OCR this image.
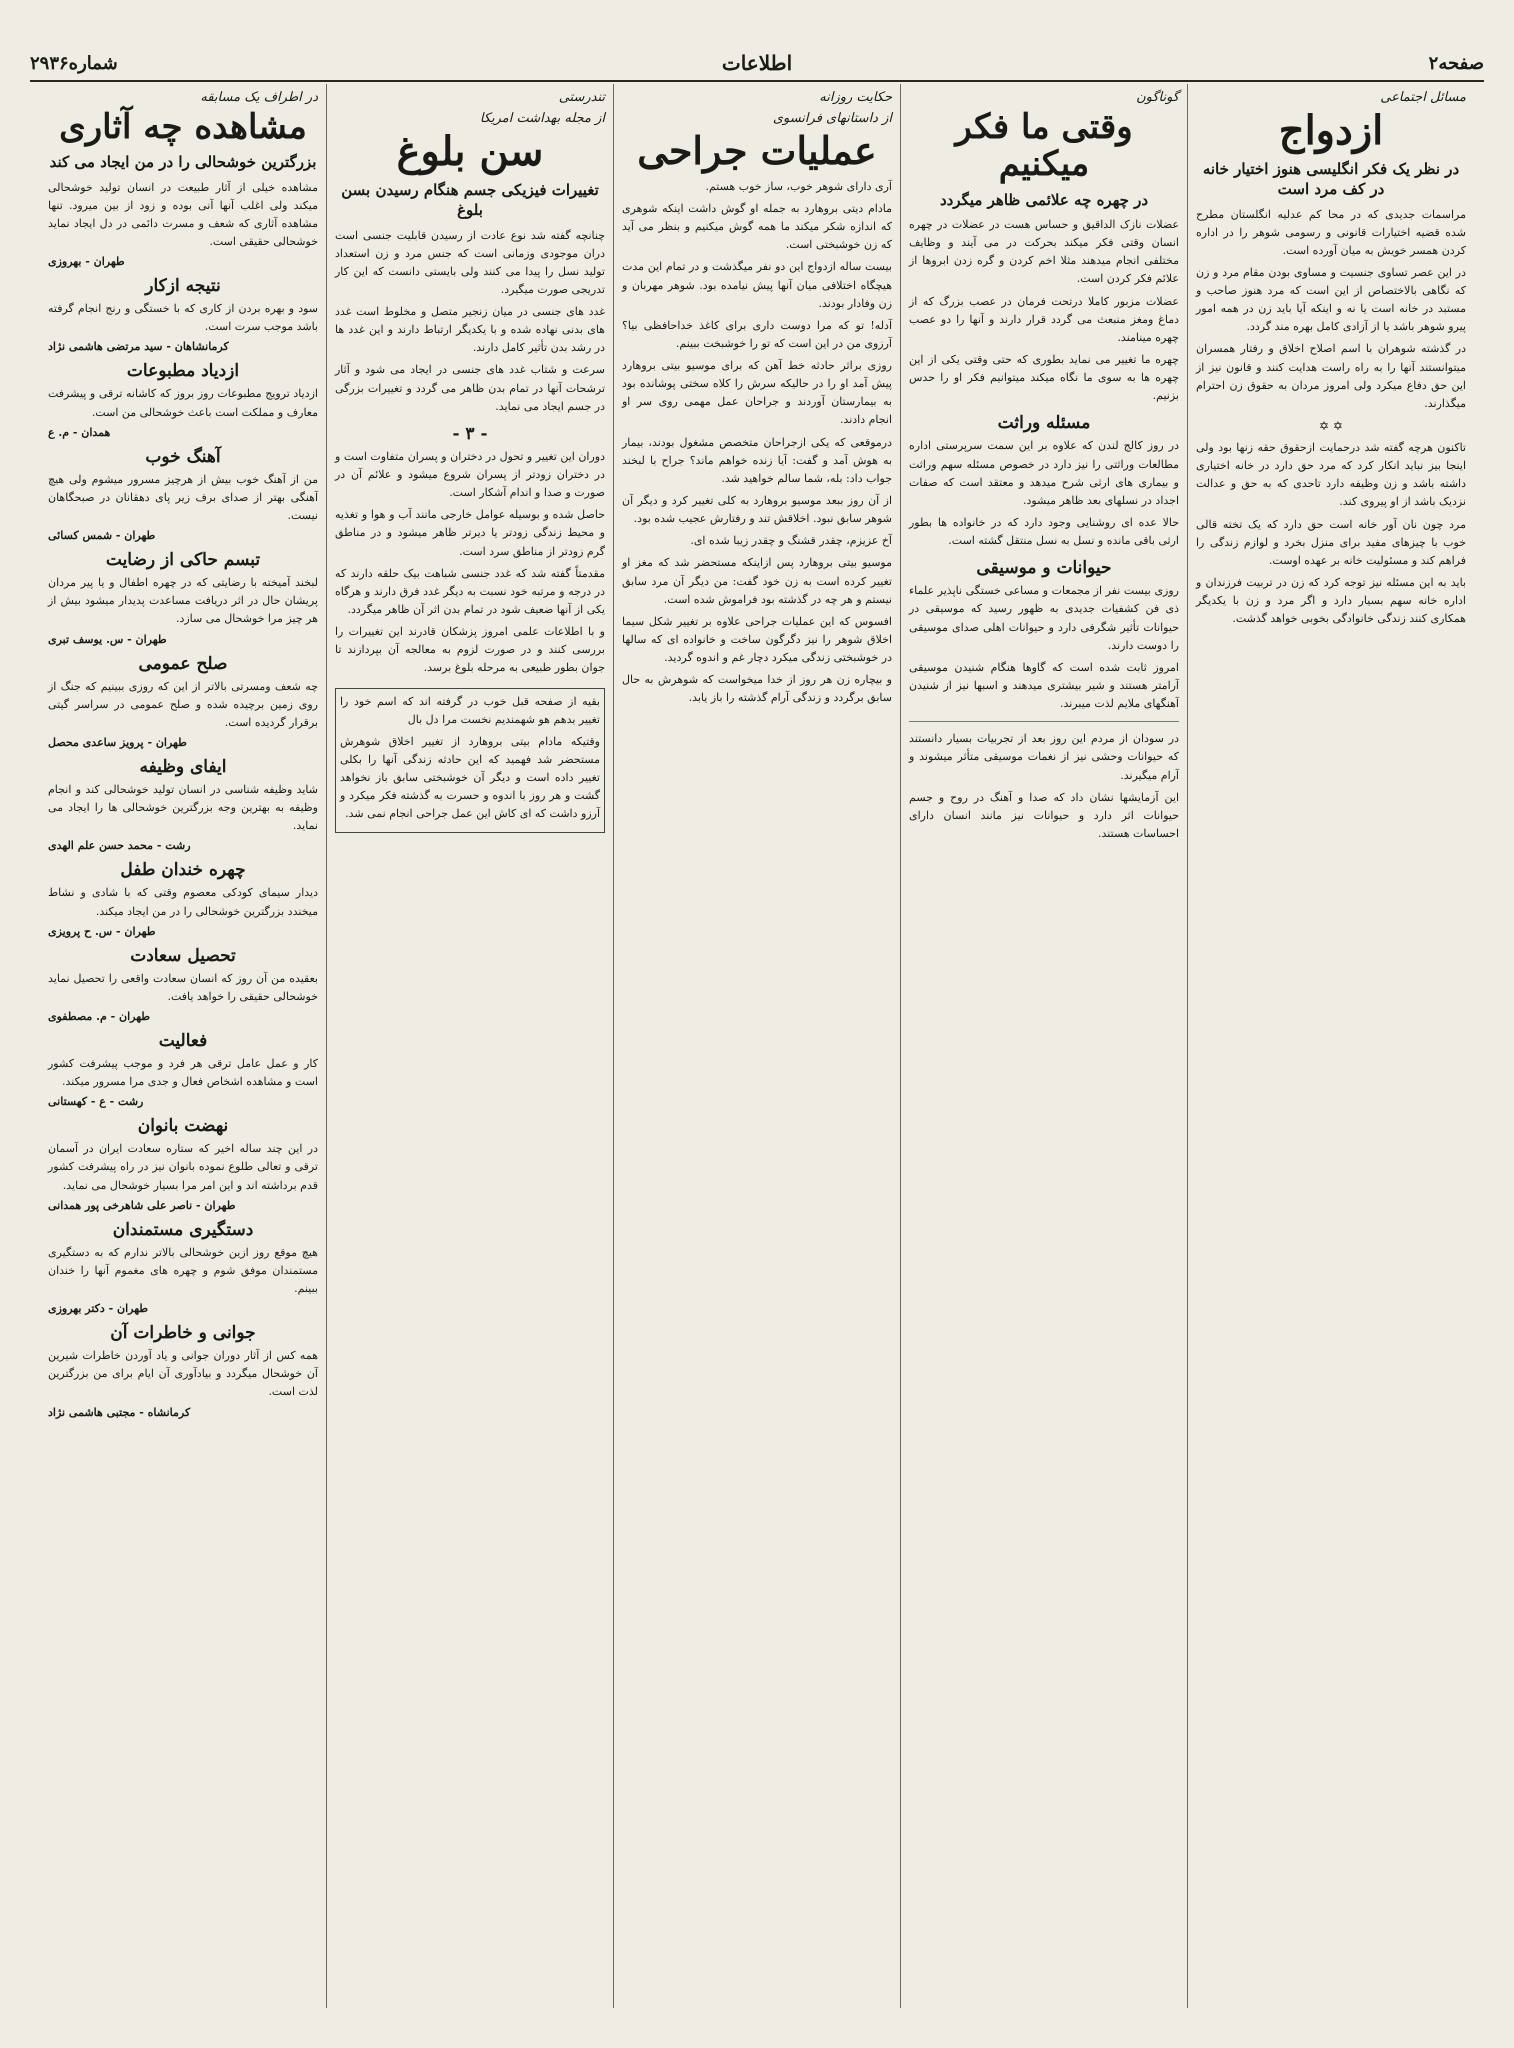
صفحه۲
اطلاعات
شماره۲۹۳۶
مسائل اجتماعی
ازدواج
در نظر یک فکر انگلیسی هنوز اختیار خانه در کف مرد است

مراسمات جدیدی که در محا کم عدلیه انگلستان مطرح شده قضیه اختیارات قانونی و رسومی شوهر را در اداره کردن همسر خویش به میان آورده است.

در این عصر تساوی جنسیت و مساوی بودن مقام مرد و زن که نگاهی بالاختصاص از این است که مرد هنوز صاحب و مستبد در خانه است یا نه و اینکه آیا باید زن در همه امور پیرو شوهر باشد یا از آزادی کامل بهره مند گردد.

در گذشته شوهران با اسم اصلاح اخلاق و رفتار همسران میتوانستند آنها را به راه راست هدایت کنند و قانون نیز از این حق دفاع میکرد ولی امروز مردان به حقوق زن احترام میگذارند.

✡ ✡

تاکنون هرچه گفته شد درحمایت ازحقوق حقه زنها بود ولی اینجا بیز نباید انکار کرد که مرد حق دارد در خانه اختیاری داشته باشد و زن وظیفه دارد تاحدی که به حق و عدالت نزدیک باشد از او پیروی کند.

مرد چون نان آور خانه است حق دارد که یک تخته قالی خوب با چیزهای مفید برای منزل بخرد و لوازم زندگی را فراهم کند و مسئولیت خانه بر عهده اوست.

باید به این مسئله نیز توجه کرد که زن در تربیت فرزندان و اداره خانه سهم بسیار دارد و اگر مرد و زن با یکدیگر همکاری کنند زندگی خانوادگی بخوبی خواهد گذشت.

گوناگون
وقتی ما فکر میکنیم
در چهره چه علائمی ظاهر میگردد

عضلات نازک الداقیق و حساس هست در عضلات در چهره انسان وقتی فکر میکند بحرکت در می آیند و وظایف مختلفی انجام میدهند مثلا اخم کردن و گره زدن ابروها از علائم فکر کردن است.

عضلات مزبور کاملا درتحت فرمان در عصب بزرگ که از دماغ ومغز منبعث می گردد قرار دارند و آنها را دو عصب چهره مینامند.

چهره ما تغییر می نماید بطوری که حتی وقتی یکی از این چهره ها به سوی ما نگاه میکند میتوانیم فکر او را حدس بزنیم.

مسئله وراثت

در روز کالج لندن که علاوه بر این سمت سرپرستی اداره مطالعات وراثتی را نیز دارد در خصوص مسئله سهم وراثت و بیماری های ارثی شرح میدهد و معتقد است که صفات اجداد در نسلهای بعد ظاهر میشود.

حالا عده ای روشنایی وجود دارد که در خانواده ها بطور ارثی باقی مانده و نسل به نسل منتقل گشته است.

حیوانات و موسیقی

روزی بیست نفر از مجمعات و مساعی خستگی ناپذیر علماء ذی فن کشفیات جدیدی به ظهور رسید که موسیقی در حیوانات تأثیر شگرفی دارد و حیوانات اهلی صدای موسیقی را دوست دارند.

امروز ثابت شده است که گاوها هنگام شنیدن موسیقی آرامتر هستند و شیر بیشتری میدهند و اسبها نیز از شنیدن آهنگهای ملایم لذت میبرند.

در سودان از مردم این روز بعد از تجربیات بسیار دانستند که حیوانات وحشی نیز از نغمات موسیقی متأثر میشوند و آرام میگیرند.

این آزمایشها نشان داد که صدا و آهنگ در روح و جسم حیوانات اثر دارد و حیوانات نیز مانند انسان دارای احساسات هستند.

حکایت روزانه
از داستانهای فرانسوی
عملیات جراحی

آری دارای شوهر خوب، ساز خوب هستم.

مادام دیتی بروهارد به جمله او گوش داشت اینکه شوهری که اندازه شکر میکند ما همه گوش میکنیم و بنظر می آید که زن خوشبختی است.

بیست ساله ازدواج این دو نفر میگذشت و در تمام این مدت هیچگاه اختلافی میان آنها پیش نیامده بود. شوهر مهربان و زن وفادار بودند.

آدله! تو که مرا دوست داری برای کاغذ خداحافظی بیا؟ آرزوی من در این است که تو را خوشبخت ببینم.

روزی براثر حادثه خط آهن که برای موسیو بیتی بروهارد پیش آمد او را در حالیکه سرش را کلاه سختی پوشانده بود به بیمارستان آوردند و جراحان عمل مهمی روی سر او انجام دادند.

درموقعی که یکی ازجراحان متخصص مشغول بودند، بیمار به هوش آمد و گفت: آیا زنده خواهم ماند؟ جراح با لبخند جواب داد: بله، شما سالم خواهید شد.

از آن روز ببعد موسیو بروهارد به کلی تغییر کرد و دیگر آن شوهر سابق نبود. اخلاقش تند و رفتارش عجیب شده بود.

آخ عزیزم، چقدر قشنگ و چقدر زیبا شده ای.

موسیو بیتی بروهارد پس ازاینکه مستحضر شد که مغز او تغییر کرده است به زن خود گفت: من دیگر آن مرد سابق نیستم و هر چه در گذشته بود فراموش شده است.

افسوس که این عملیات جراحی علاوه بر تغییر شکل سیما اخلاق شوهر را نیز دگرگون ساخت و خانواده ای که سالها در خوشبختی زندگی میکرد دچار غم و اندوه گردید.

و بیچاره زن هر روز از خدا میخواست که شوهرش به حال سابق برگردد و زندگی آرام گذشته را باز یابد.

تندرستی
از مجله بهداشت امریکا
سن بلوغ
تغییرات فیزیکی جسم هنگام رسیدن بسن بلوغ

چنانچه گفته شد نوع عادت از رسیدن قابلیت جنسی است دران موجودی وزمانی است که جنس مرد و زن استعداد تولید نسل را پیدا می کنند ولی بایستی دانست که این کار تدریجی صورت میگیرد.

غدد های جنسی در میان زنجیر متصل و مخلوط است غدد های بدنی نهاده شده و با یکدیگر ارتباط دارند و این غدد ها در رشد بدن تأثیر کامل دارند.

سرعت و شتاب غدد های جنسی در ایجاد می شود و آثار ترشحات آنها در تمام بدن ظاهر می گردد و تغییرات بزرگی در جسم ایجاد می نماید.

- ۳ -

دوران این تغییر و تحول در دختران و پسران متفاوت است و در دختران زودتر از پسران شروع میشود و علائم آن در صورت و صدا و اندام آشکار است.

حاصل شده و بوسیله عوامل خارجی مانند آب و هوا و تغذیه و محیط زندگی زودتر یا دیرتر ظاهر میشود و در مناطق گرم زودتر از مناطق سرد است.

مقدمتاً گفته شد که غدد جنسی شباهت بیک حلقه دارند که در درجه و مرتبه خود نسبت به دیگر غدد فرق دارند و هرگاه یکی از آنها ضعیف شود در تمام بدن اثر آن ظاهر میگردد.

و با اطلاعات علمی امروز پزشکان قادرند این تغییرات را بررسی کنند و در صورت لزوم به معالجه آن بپردازند تا جوان بطور طبیعی به مرحله بلوغ برسد.

بقیه از صفحه قبل خوب در گرفته اند که اسم خود را تغییر بدهم هو شهمندیم نخست مرا دل بال

وقتیکه مادام بیتی بروهارد از تغییر اخلاق شوهرش مستحضر شد فهمید که این حادثه زندگی آنها را بکلی تغییر داده است و دیگر آن خوشبختی سابق باز نخواهد گشت و هر روز با اندوه و حسرت به گذشته فکر میکرد و آرزو داشت که ای کاش این عمل جراحی انجام نمی شد.

در اطراف یک مسابقه
مشاهده چه آثاری
بزرگترین خوشحالی را در من ایجاد می کند

مشاهده خیلی از آثار طبیعت در انسان تولید خوشحالی میکند ولی اغلب آنها آنی بوده و زود از بین میرود. تنها مشاهده آثاری که شعف و مسرت دائمی در دل ایجاد نماید خوشحالی حقیقی است.

طهران - بهروزی
نتیجه ازکار

سود و بهره بردن از کاری که با خستگی و رنج انجام گرفته باشد موجب سرت است.

کرمانشاهان - سید مرتضی هاشمی نژاد
ازدیاد مطبوعات

ازدیاد ترویج مطبوعات روز بروز که کاشانه ترقی و پیشرفت معارف و مملکت است باعث خوشحالی من است.

همدان - م. ع
آهنگ خوب

من از آهنگ خوب بیش از هرچیز مسرور میشوم ولی هیچ آهنگی بهتر از صدای برف زیر پای دهقانان در صبحگاهان نیست.

طهران - شمس کسائی
تبسم حاکی از رضایت

لبخند آمیخته با رضایتی که در چهره اطفال و یا پیر مردان پریشان حال در اثر دریافت مساعدت پدیدار میشود بیش از هر چیز مرا خوشحال می سازد.

طهران - س. یوسف تبری
صلح عمومی

چه شعف ومسرتی بالاتر از این که روزی ببینیم که جنگ از روی زمین برچیده شده و صلح عمومی در سراسر گیتی برقرار گردیده است.

طهران - پرویز ساعدی محصل
ایفای وظیفه

شاید وظیفه شناسی در انسان تولید خوشحالی کند و انجام وظیفه به بهترین وجه بزرگترین خوشحالی ها را ایجاد می نماید.

رشت - محمد حسن علم الهدی
چهره خندان طفل

دیدار سیمای کودکی معصوم وقتی که با شادی و نشاط میخندد بزرگترین خوشحالی را در من ایجاد میکند.

طهران - س. ح پرویزی
تحصیل سعادت

بعقیده من آن روز که انسان سعادت واقعی را تحصیل نماید خوشحالی حقیقی را خواهد یافت.

طهران - م. مصطفوی
فعالیت

کار و عمل عامل ترقی هر فرد و موجب پیشرفت کشور است و مشاهده اشخاص فعال و جدی مرا مسرور میکند.

رشت - ع - کهستانی
نهضت بانوان

در این چند ساله اخیر که ستاره سعادت ایران در آسمان ترقی و تعالی طلوع نموده بانوان نیز در راه پیشرفت کشور قدم برداشته اند و این امر مرا بسیار خوشحال می نماید.

طهران - ناصر علی شاهرخی پور همدانی
دستگیری مستمندان

هیچ موقع روز ازین خوشحالی بالاتر ندارم که به دستگیری مستمندان موفق شوم و چهره های مغموم آنها را خندان ببینم.

طهران - دکتر بهروزی
جوانی و خاطرات آن

همه کس از آثار دوران جوانی و یاد آوردن خاطرات شیرین آن خوشحال میگردد و بیادآوری آن ایام برای من بزرگترین لذت است.

کرمانشاه - مجتبی هاشمی نژاد
